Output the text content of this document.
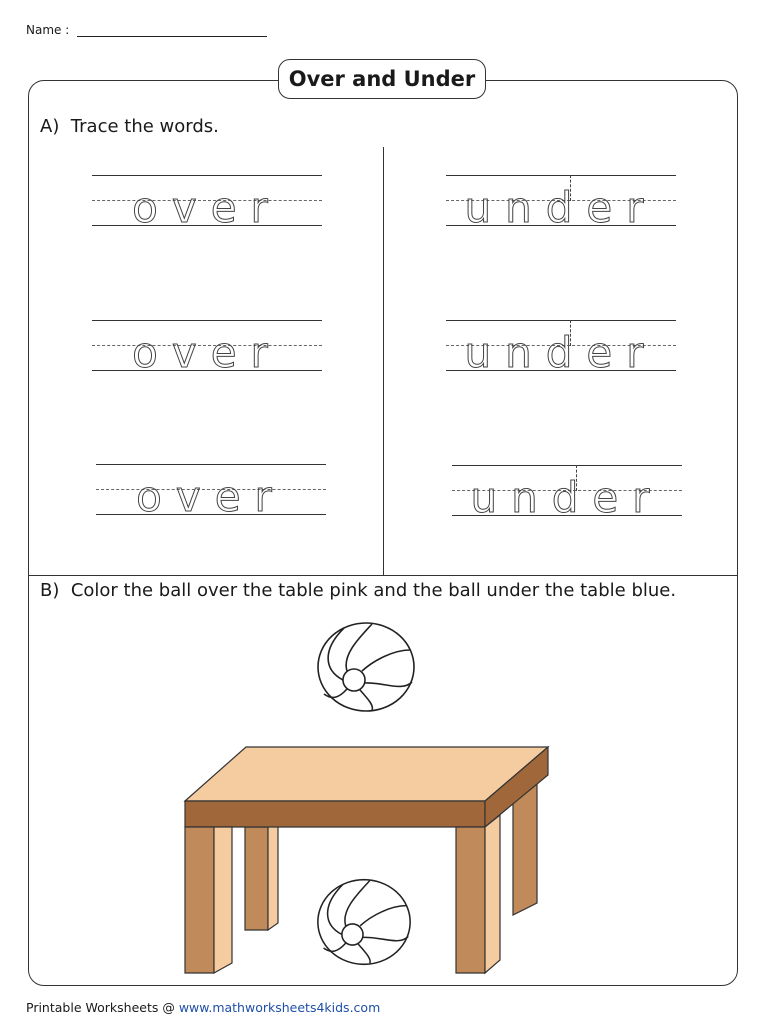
Name :
Over and Under
A) Trace the words.
over
over
over
under
under
under
B) Color the ball over the table pink and the ball under the table blue.
Printable Worksheets @ www.mathworksheets4kids.com
